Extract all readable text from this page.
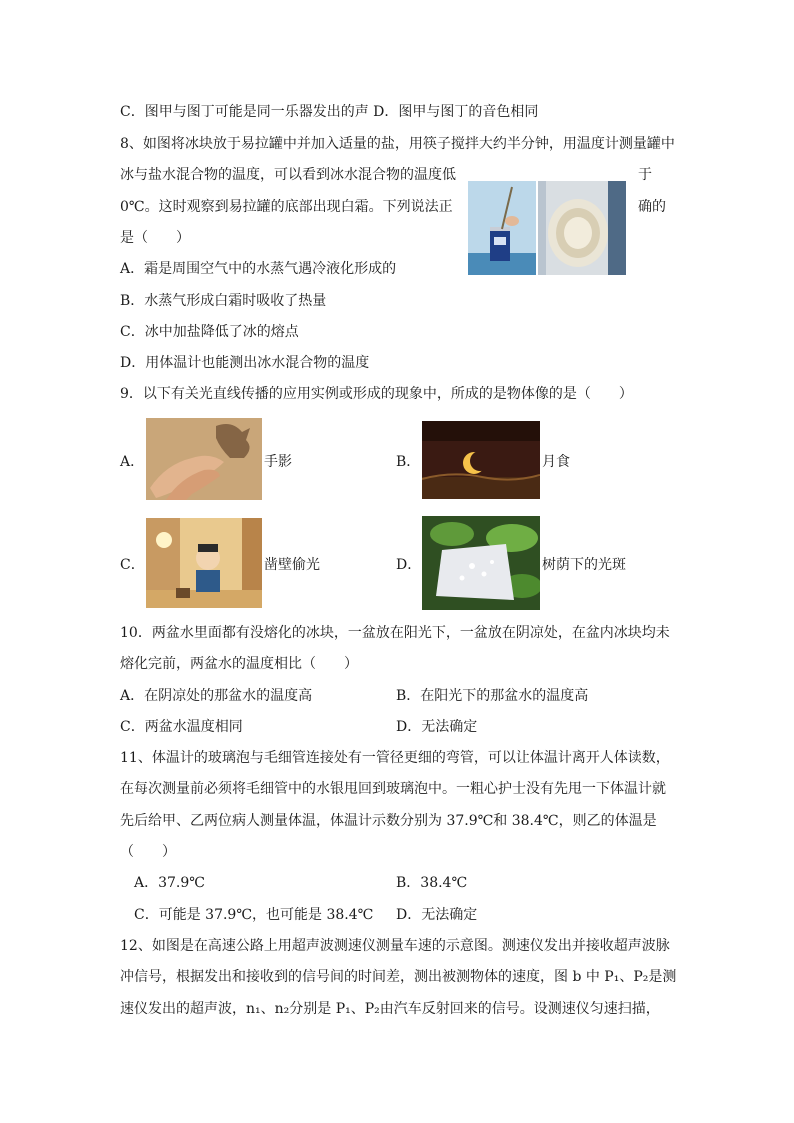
C．图甲与图丁可能是同一乐器发出的声 D．图甲与图丁的音色相同
8、如图将冰块放于易拉罐中并加入适量的盐，用筷子搅拌大约半分钟，用温度计测量罐中
冰与盐水混合物的温度，可以看到冰水混合物的温度低	于
0℃。这时观察到易拉罐的底部出现白霜。下列说法正	确的
是（　　）
A．霜是周围空气中的水蒸气遇冷液化形成的
B．水蒸气形成白霜时吸收了热量
C．冰中加盐降低了冰的熔点
D．用体温计也能测出冰水混合物的温度
9．以下有关光直线传播的应用实例或形成的现象中，所成的是物体像的是（　　）
A．	手影	B．	月食
C．	凿壁偷光	D．	树荫下的光斑
10．两盆水里面都有没熔化的冰块，一盆放在阳光下，一盆放在阴凉处，在盆内冰块均未
熔化完前，两盆水的温度相比（　　）
A．在阴凉处的那盆水的温度高	B．在阳光下的那盆水的温度高
C．两盆水温度相同	D．无法确定
11、体温计的玻璃泡与毛细管连接处有一管径更细的弯管，可以让体温计离开人体读数，
在每次测量前必须将毛细管中的水银甩回到玻璃泡中。一粗心护士没有先甩一下体温计就
先后给甲、乙两位病人测量体温，体温计示数分别为 37.9℃和 38.4℃，则乙的体温是
（　　）
A．37.9℃	B．38.4℃
C．可能是 37.9℃，也可能是 38.4℃ D．无法确定
12、如图是在高速公路上用超声波测速仪测量车速的示意图。测速仪发出并接收超声波脉
冲信号，根据发出和接收到的信号间的时间差，测出被测物体的速度，图 b 中 P₁、P₂是测
速仪发出的超声波，n₁、n₂分别是 P₁、P₂由汽车反射回来的信号。设测速仪匀速扫描，
